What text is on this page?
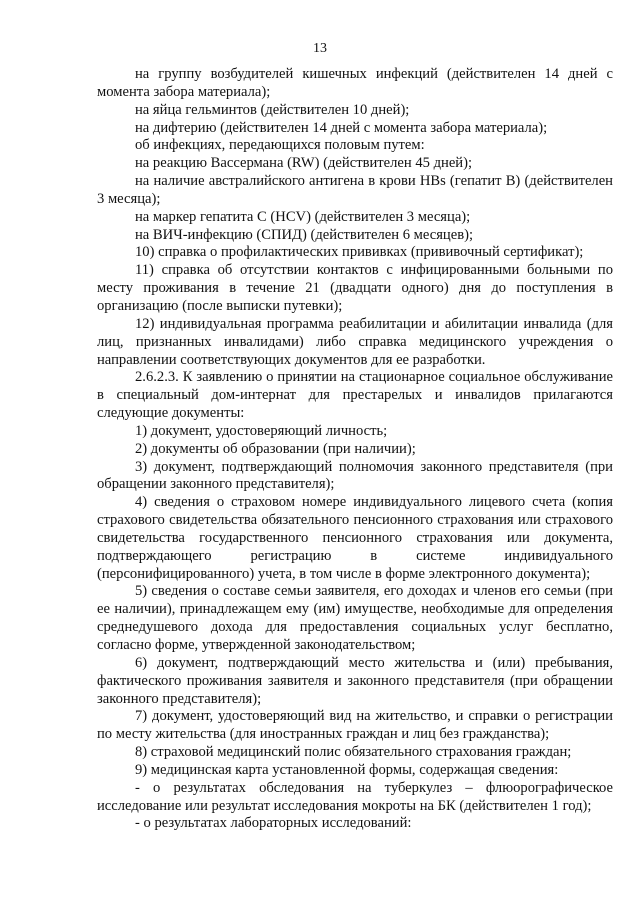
13

на группу возбудителей кишечных инфекций (действителен 14 дней с момента забора материала);

на яйца гельминтов (действителен 10 дней);

на дифтерию (действителен 14 дней с момента забора материала);

об инфекциях, передающихся половым путем:

на реакцию Вассермана (RW) (действителен 45 дней);

на наличие австралийского антигена в крови HBs (гепатит В) (действителен 3 месяца);

на маркер гепатита С (HCV) (действителен 3 месяца);

на ВИЧ-инфекцию (СПИД) (действителен 6 месяцев);

10) справка о профилактических прививках (прививочный сертификат);

11) справка об отсутствии контактов с инфицированными больными по месту проживания в течение 21 (двадцати одного) дня до поступления в организацию (после выписки путевки);

12) индивидуальная программа реабилитации и абилитации инвалида (для лиц, признанных инвалидами) либо справка медицинского учреждения о направлении соответствующих документов для ее разработки.

2.6.2.3. К заявлению о принятии на стационарное социальное обслуживание в специальный дом-интернат для престарелых и инвалидов прилагаются следующие документы:

1) документ, удостоверяющий личность;

2) документы об образовании (при наличии);

3) документ, подтверждающий полномочия законного представителя (при обращении законного представителя);

4) сведения о страховом номере индивидуального лицевого счета (копия страхового свидетельства обязательного пенсионного страхования или страхового свидетельства государственного пенсионного страхования или документа, подтверждающего регистрацию в системе индивидуального (персонифицированного) учета, в том числе в форме электронного документа);

5) сведения о составе семьи заявителя, его доходах и членов его семьи (при ее наличии), принадлежащем ему (им) имуществе, необходимые для определения среднедушевого дохода для предоставления социальных услуг бесплатно, согласно форме, утвержденной законодательством;

6) документ, подтверждающий место жительства и (или) пребывания, фактического проживания заявителя и законного представителя (при обращении законного представителя);

7) документ, удостоверяющий вид на жительство, и справки о регистрации по месту жительства (для иностранных граждан и лиц без гражданства);

8) страховой медицинский полис обязательного страхования граждан;

9) медицинская карта установленной формы, содержащая сведения:

- о результатах обследования на туберкулез – флюорографическое исследование или результат исследования мокроты на БК (действителен 1 год);

- о результатах лабораторных исследований:
